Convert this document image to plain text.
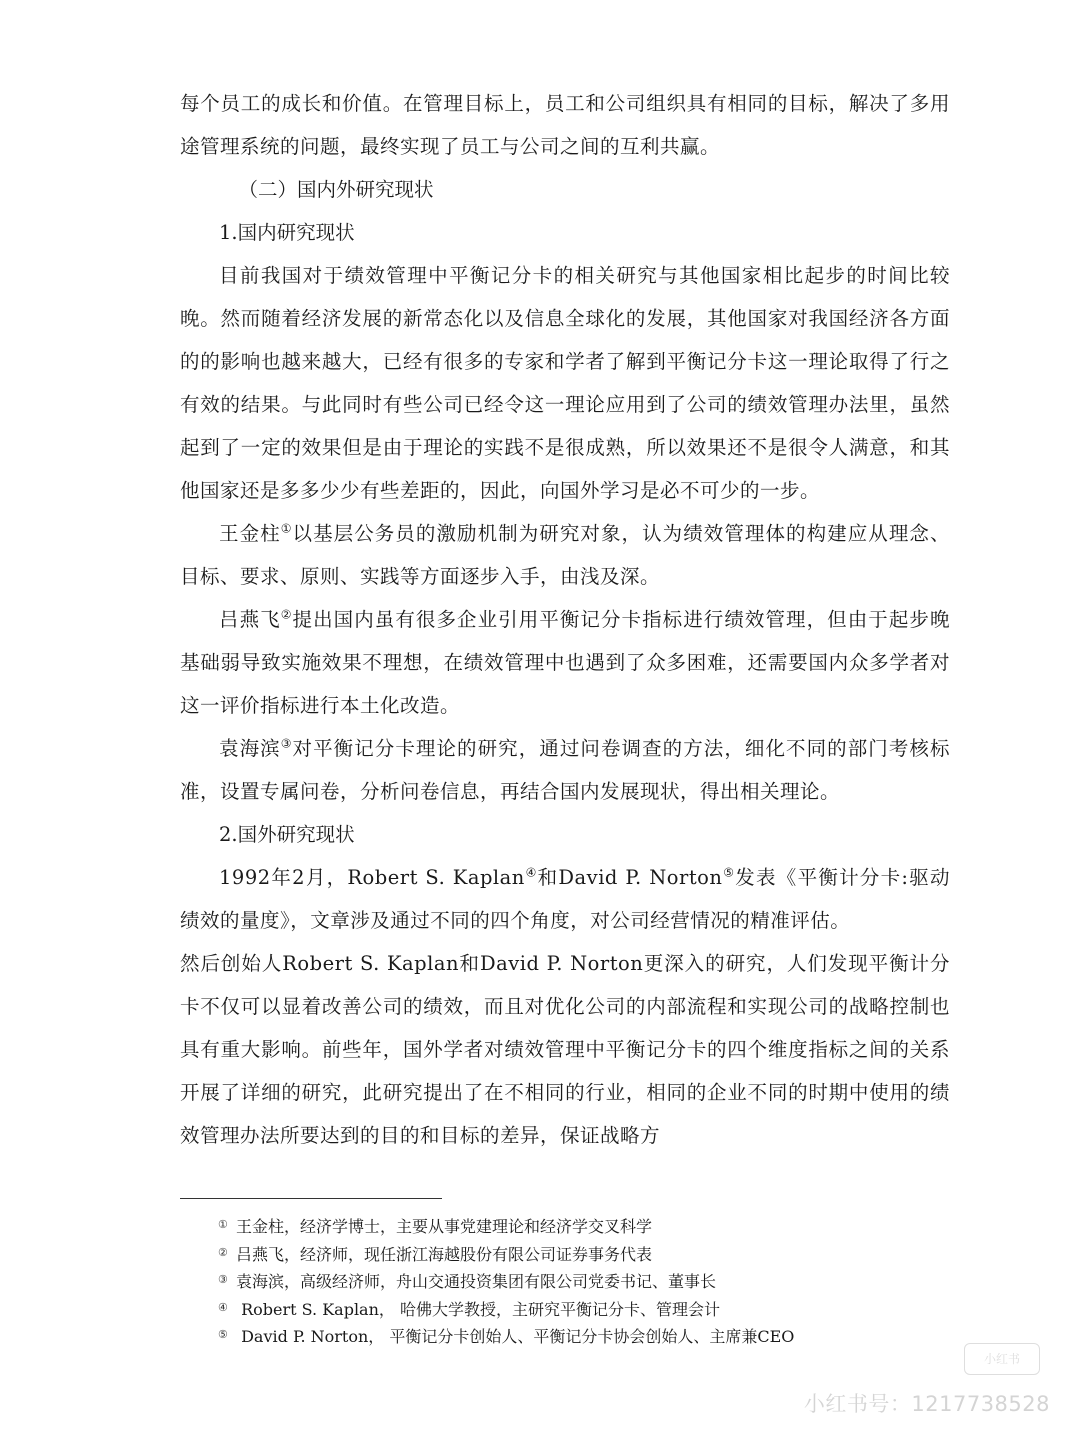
每个员工的成长和价值。在管理目标上，员工和公司组织具有相同的目标，解决了多用途管理系统的问题，最终实现了员工与公司之间的互利共赢。

（二）国内外研究现状

1.国内研究现状

目前我国对于绩效管理中平衡记分卡的相关研究与其他国家相比起步的时间比较晚。然而随着经济发展的新常态化以及信息全球化的发展，其他国家对我国经济各方面的的影响也越来越大，已经有很多的专家和学者了解到平衡记分卡这一理论取得了行之有效的结果。与此同时有些公司已经令这一理论应用到了公司的绩效管理办法里，虽然起到了一定的效果但是由于理论的实践不是很成熟，所以效果还不是很令人满意，和其他国家还是多多少少有些差距的，因此，向国外学习是必不可少的一步。

王金柱①以基层公务员的激励机制为研究对象，认为绩效管理体的构建应从理念、目标、要求、原则、实践等方面逐步入手，由浅及深。

吕燕飞②提出国内虽有很多企业引用平衡记分卡指标进行绩效管理，但由于起步晚基础弱导致实施效果不理想，在绩效管理中也遇到了众多困难，还需要国内众多学者对这一评价指标进行本土化改造。

袁海滨③对平衡记分卡理论的研究，通过问卷调查的方法，细化不同的部门考核标准，设置专属问卷，分析问卷信息，再结合国内发展现状，得出相关理论。

2.国外研究现状

1992年2月，Robert S. Kaplan④和David P. Norton⑤发表《平衡计分卡:驱动绩效的量度》，文章涉及通过不同的四个角度，对公司经营情况的精准评估。

然后创始人Robert S. Kaplan和David P. Norton更深入的研究，人们发现平衡计分卡不仅可以显着改善公司的绩效，而且对优化公司的内部流程和实现公司的战略控制也具有重大影响。前些年，国外学者对绩效管理中平衡记分卡的四个维度指标之间的关系开展了详细的研究，此研究提出了在不相同的行业，相同的企业不同的时期中使用的绩效管理办法所要达到的目的和目标的差异，保证战略方

① 王金柱，经济学博士，主要从事党建理论和经济学交叉科学
② 吕燕飞，经济师，现任浙江海越股份有限公司证券事务代表
③ 袁海滨，高级经济师，舟山交通投资集团有限公司党委书记、董事长
④ Robert S. Kaplan， 哈佛大学教授，主研究平衡记分卡、管理会计
⑤ David P. Norton， 平衡记分卡创始人、平衡记分卡协会创始人、主席兼CEO
小红书
小红书号：1217738528
